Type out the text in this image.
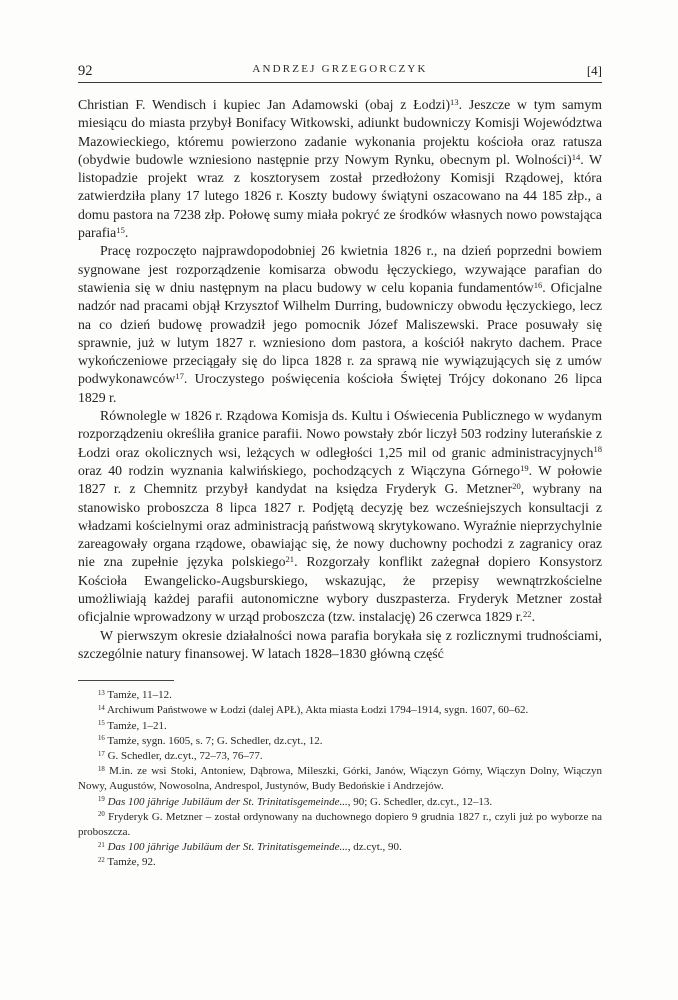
92	ANDRZEJ GRZEGORCZYK	[4]

Christian F. Wendisch i kupiec Jan Adamowski (obaj z Łodzi)$^{13}$. Jeszcze w tym samym miesiącu do miasta przybył Bonifacy Witkowski, adiunkt budowniczy Komisji Województwa Mazowieckiego, któremu powierzono zadanie wykonania projektu kościoła oraz ratusza (obydwie budowle wzniesiono następnie przy Nowym Rynku, obecnym pl. Wolności)$^{14}$. W listopadzie projekt wraz z kosztorysem został przedłożony Komisji Rządowej, która zatwierdziła plany 17 lutego 1826 r. Koszty budowy świątyni oszacowano na 44 185 złp., a domu pastora na 7238 złp. Połowę sumy miała pokryć ze środków własnych nowo powstająca parafia$^{15}$.

Pracę rozpoczęto najprawdopodobniej 26 kwietnia 1826 r., na dzień poprzedni bowiem sygnowane jest rozporządzenie komisarza obwodu łęczyckiego, wzywające parafian do stawienia się w dniu następnym na placu budowy w celu kopania fundamentów$^{16}$. Oficjalne nadzór nad pracami objął Krzysztof Wilhelm Durring, budowniczy obwodu łęczyckiego, lecz na co dzień budowę prowadził jego pomocnik Józef Maliszewski. Prace posuwały się sprawnie, już w lutym 1827 r. wzniesiono dom pastora, a kościół nakryto dachem. Prace wykończeniowe przeciągały się do lipca 1828 r. za sprawą nie wywiązujących się z umów podwykonawców$^{17}$. Uroczystego poświęcenia kościoła Świętej Trójcy dokonano 26 lipca 1829 r.

Równolegle w 1826 r. Rządowa Komisja ds. Kultu i Oświecenia Publicznego w wydanym rozporządzeniu określiła granice parafii. Nowo powstały zbór liczył 503 rodziny luterańskie z Łodzi oraz okolicznych wsi, leżących w odległości 1,25 mil od granic administracyjnych$^{18}$ oraz 40 rodzin wyznania kalwińskiego, pochodzących z Wiączyna Górnego$^{19}$. W połowie 1827 r. z Chemnitz przybył kandydat na księdza Fryderyk G. Metzner$^{20}$, wybrany na stanowisko proboszcza 8 lipca 1827 r. Podjętą decyzję bez wcześniejszych konsultacji z władzami kościelnymi oraz administracją państwową skrytykowano. Wyraźnie nieprzychylnie zareagowały organa rządowe, obawiając się, że nowy duchowny pochodzi z zagranicy oraz nie zna zupełnie języka polskiego$^{21}$. Rozgorzały konflikt zażegnał dopiero Konsystorz Kościoła Ewangelicko-Augsburskiego, wskazując, że przepisy wewnątrzkościelne umożliwiają każdej parafii autonomiczne wybory duszpasterza. Fryderyk Metzner został oficjalnie wprowadzony w urząd proboszcza (tzw. instalację) 26 czerwca 1829 r.$^{22}$.

W pierwszym okresie działalności nowa parafia borykała się z rozlicznymi trudnościami, szczególnie natury finansowej. W latach 1828–1830 główną część

$^{13}$ Tamże, 11–12.

$^{14}$ Archiwum Państwowe w Łodzi (dalej APŁ), Akta miasta Łodzi 1794–1914, sygn. 1607, 60–62.

$^{15}$ Tamże, 1–21.

$^{16}$ Tamże, sygn. 1605, s. 7; G. Schedler, dz.cyt., 12.

$^{17}$ G. Schedler, dz.cyt., 72–73, 76–77.

$^{18}$ M.in. ze wsi Stoki, Antoniew, Dąbrowa, Mileszki, Górki, Janów, Wiączyn Górny, Wiączyn Dolny, Wiączyn Nowy, Augustów, Nowosolna, Andrespol, Justynów, Budy Bedońskie i Andrzejów.

$^{19}$ Das 100 jährige Jubiläum der St. Trinitatisgemeinde..., 90; G. Schedler, dz.cyt., 12–13.

$^{20}$ Fryderyk G. Metzner – został ordynowany na duchownego dopiero 9 grudnia 1827 r., czyli już po wyborze na proboszcza.

$^{21}$ Das 100 jährige Jubiläum der St. Trinitatisgemeinde..., dz.cyt., 90.

$^{22}$ Tamże, 92.
